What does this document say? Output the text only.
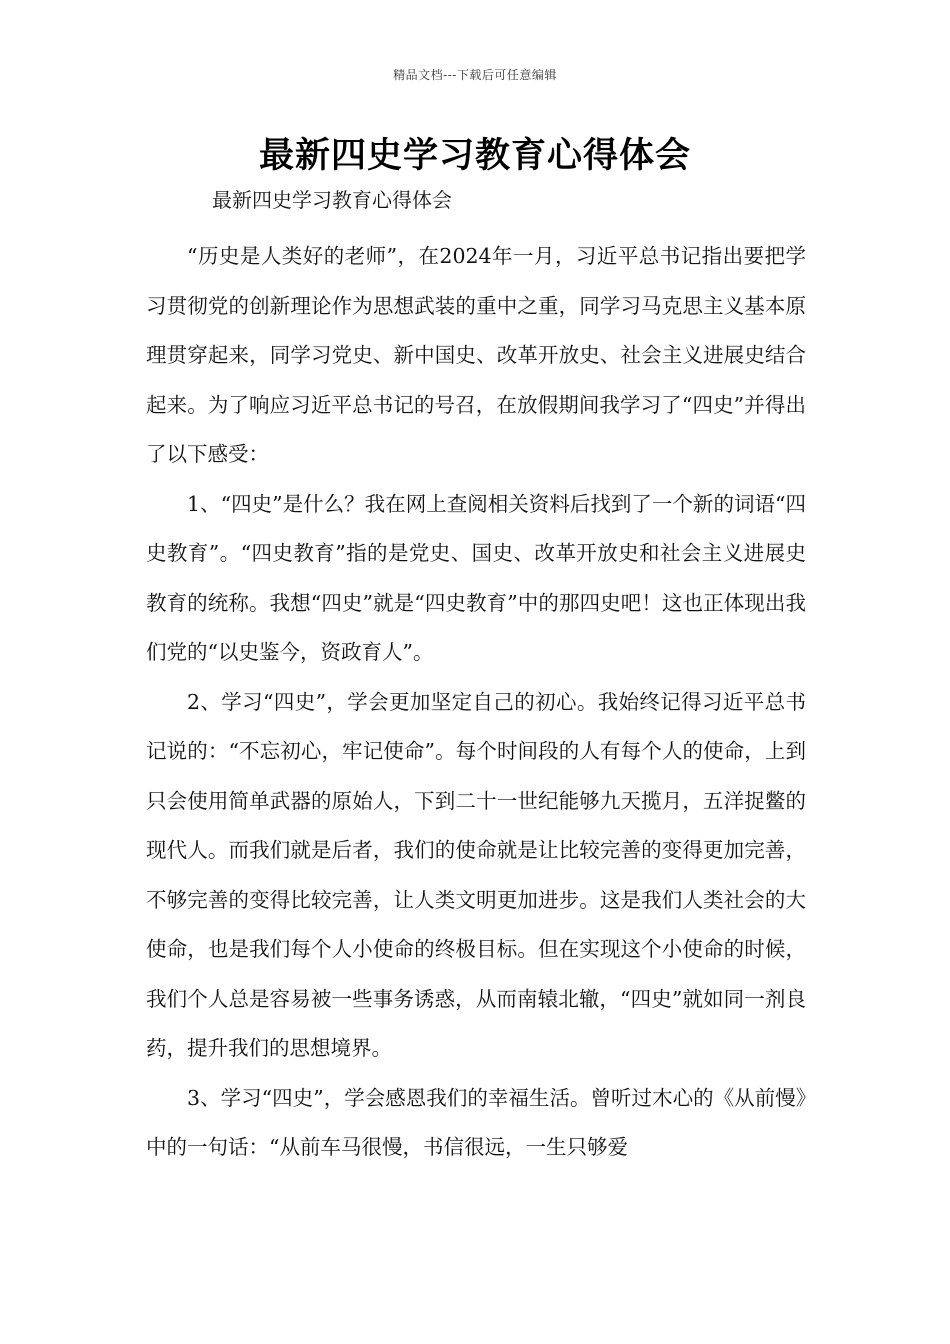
精品文档---下载后可任意编辑
最新四史学习教育心得体会
最新四史学习教育心得体会

“历史是人类好的老师”，在2024年一月，习近平总书记指出要把学习贯彻党的创新理论作为思想武装的重中之重，同学习马克思主义基本原理贯穿起来，同学习党史、新中国史、改革开放史、社会主义进展史结合起来。为了响应习近平总书记的号召，在放假期间我学习了“四史”并得出了以下感受：

1、“四史”是什么？我在网上查阅相关资料后找到了一个新的词语“四史教育”。“四史教育”指的是党史、国史、改革开放史和社会主义进展史教育的统称。我想“四史”就是“四史教育”中的那四史吧！这也正体现出我们党的“以史鉴今，资政育人”。

2、学习“四史”，学会更加坚定自己的初心。我始终记得习近平总书记说的：“不忘初心，牢记使命”。每个时间段的人有每个人的使命，上到只会使用简单武器的原始人，下到二十一世纪能够九天揽月，五洋捉鳖的现代人。而我们就是后者，我们的使命就是让比较完善的变得更加完善，不够完善的变得比较完善，让人类文明更加进步。这是我们人类社会的大使命，也是我们每个人小使命的终极目标。但在实现这个小使命的时候，我们个人总是容易被一些事务诱惑，从而南辕北辙，“四史”就如同一剂良药，提升我们的思想境界。

3、学习“四史”，学会感恩我们的幸福生活。曾听过木心的《从前慢》中的一句话：“从前车马很慢，书信很远，一生只够爱
